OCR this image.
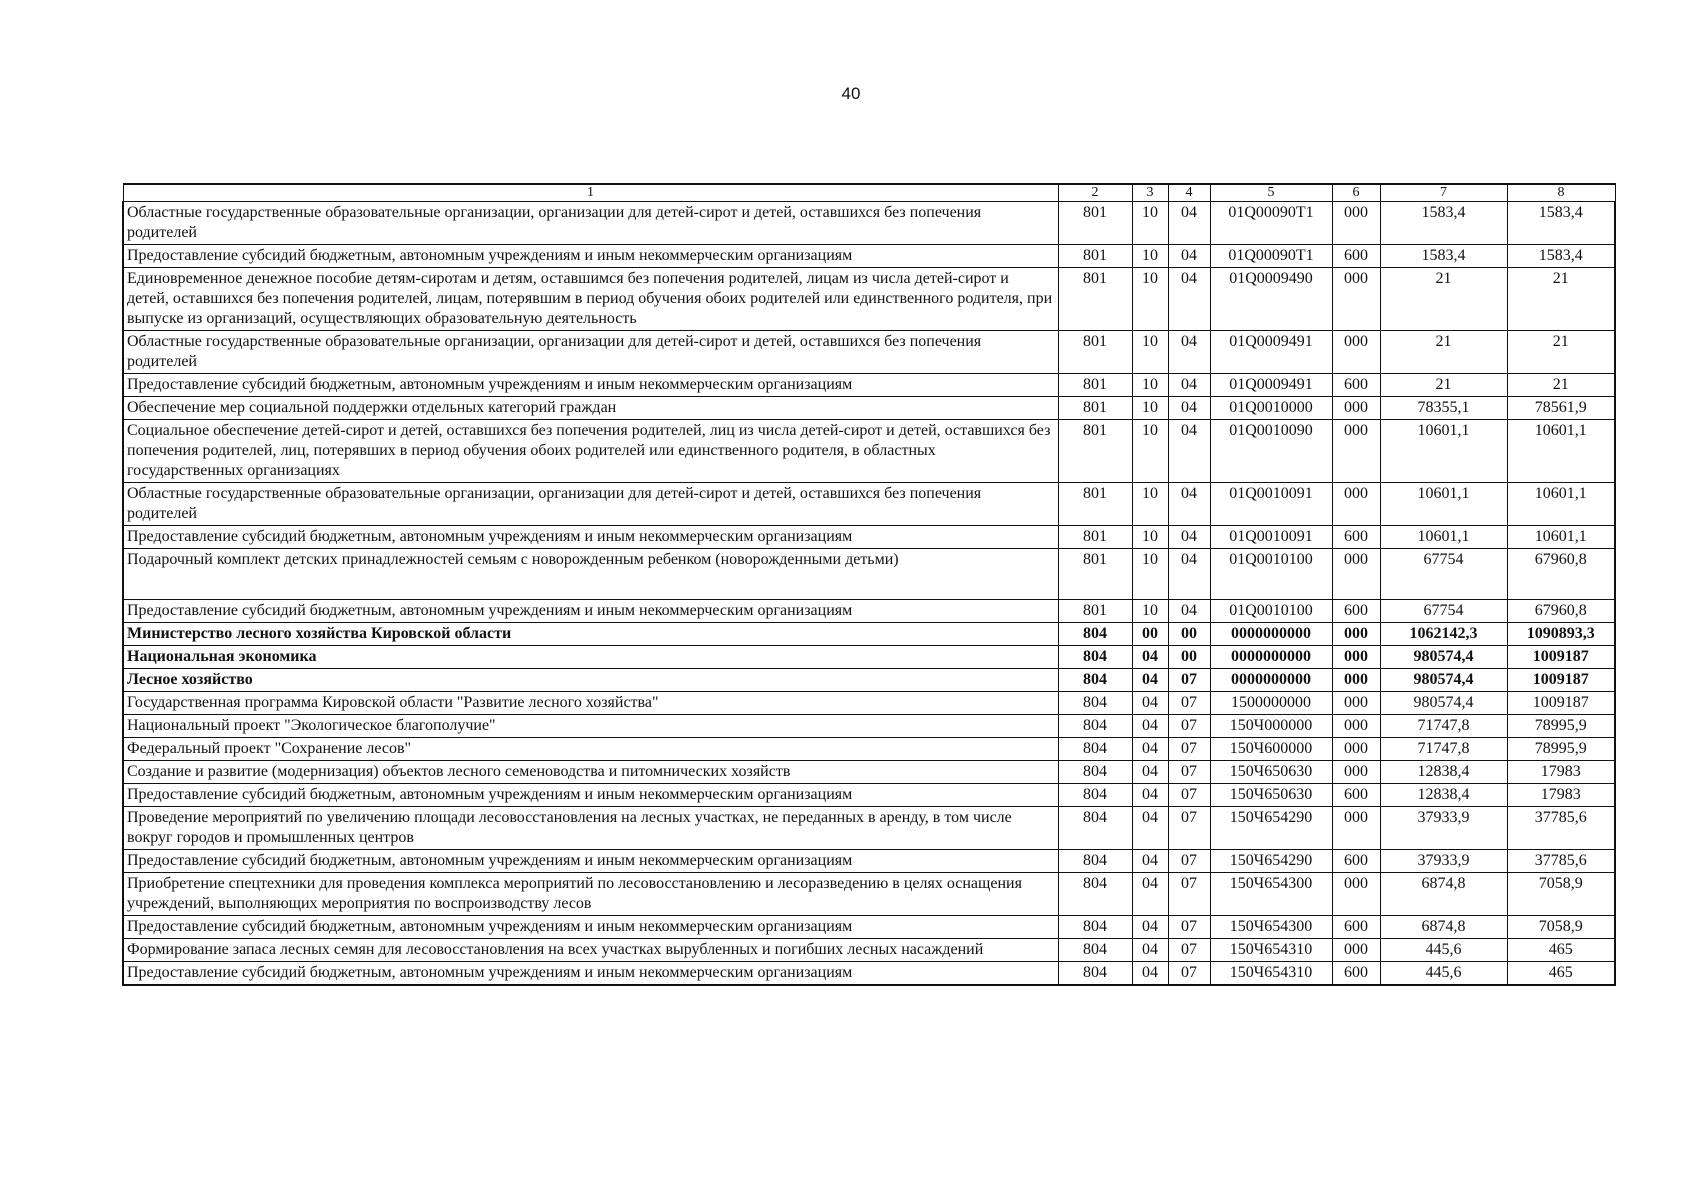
40
1	2	3	4	5	6	7	8
Областные государственные образовательные организации, организации для детей-сирот и детей, оставшихся без попечения родителей	801	10	04	01Q00090T1	000	1583,4	1583,4
Предоставление субсидий бюджетным, автономным учреждениям и иным некоммерческим организациям	801	10	04	01Q00090T1	600	1583,4	1583,4
Единовременное денежное пособие детям-сиротам и детям, оставшимся без попечения родителей, лицам из числа детей-сирот и детей, оставшихся без попечения родителей, лицам, потерявшим в период обучения обоих родителей или единственного родителя, при выпуске из организаций, осуществляющих образовательную деятельность	801	10	04	01Q0009490	000	21	21
Областные государственные образовательные организации, организации для детей-сирот и детей, оставшихся без попечения родителей	801	10	04	01Q0009491	000	21	21
Предоставление субсидий бюджетным, автономным учреждениям и иным некоммерческим организациям	801	10	04	01Q0009491	600	21	21
Обеспечение мер социальной поддержки отдельных категорий граждан	801	10	04	01Q0010000	000	78355,1	78561,9
Социальное обеспечение детей-сирот и детей, оставшихся без попечения родителей, лиц из числа детей-сирот и детей, оставшихся без попечения родителей, лиц, потерявших в период обучения обоих родителей или единственного родителя, в областных государственных организациях	801	10	04	01Q0010090	000	10601,1	10601,1
Областные государственные образовательные организации, организации для детей-сирот и детей, оставшихся без попечения родителей	801	10	04	01Q0010091	000	10601,1	10601,1
Предоставление субсидий бюджетным, автономным учреждениям и иным некоммерческим организациям	801	10	04	01Q0010091	600	10601,1	10601,1
Подарочный комплект детских принадлежностей семьям с новорожденным ребенком (новорожденными детьми)	801	10	04	01Q0010100	000	67754	67960,8
Предоставление субсидий бюджетным, автономным учреждениям и иным некоммерческим организациям	801	10	04	01Q0010100	600	67754	67960,8
Министерство лесного хозяйства Кировской области	804	00	00	0000000000	000	1062142,3	1090893,3
Национальная экономика	804	04	00	0000000000	000	980574,4	1009187
Лесное хозяйство	804	04	07	0000000000	000	980574,4	1009187
Государственная программа Кировской области "Развитие лесного хозяйства"	804	04	07	1500000000	000	980574,4	1009187
Национальный проект "Экологическое благополучие"	804	04	07	150Ч000000	000	71747,8	78995,9
Федеральный проект "Сохранение лесов"	804	04	07	150Ч600000	000	71747,8	78995,9
Создание и развитие (модернизация) объектов лесного семеноводства и питомнических хозяйств	804	04	07	150Ч650630	000	12838,4	17983
Предоставление субсидий бюджетным, автономным учреждениям и иным некоммерческим организациям	804	04	07	150Ч650630	600	12838,4	17983
Проведение мероприятий по увеличению площади лесовосстановления на лесных участках, не переданных в аренду, в том числе вокруг городов и промышленных центров	804	04	07	150Ч654290	000	37933,9	37785,6
Предоставление субсидий бюджетным, автономным учреждениям и иным некоммерческим организациям	804	04	07	150Ч654290	600	37933,9	37785,6
Приобретение спецтехники для проведения комплекса мероприятий по лесовосстановлению и лесоразведению в целях оснащения учреждений, выполняющих мероприятия по воспроизводству лесов	804	04	07	150Ч654300	000	6874,8	7058,9
Предоставление субсидий бюджетным, автономным учреждениям и иным некоммерческим организациям	804	04	07	150Ч654300	600	6874,8	7058,9
Формирование запаса лесных семян для лесовосстановления на всех участках вырубленных и погибших лесных насаждений	804	04	07	150Ч654310	000	445,6	465
Предоставление субсидий бюджетным, автономным учреждениям и иным некоммерческим организациям	804	04	07	150Ч654310	600	445,6	465
